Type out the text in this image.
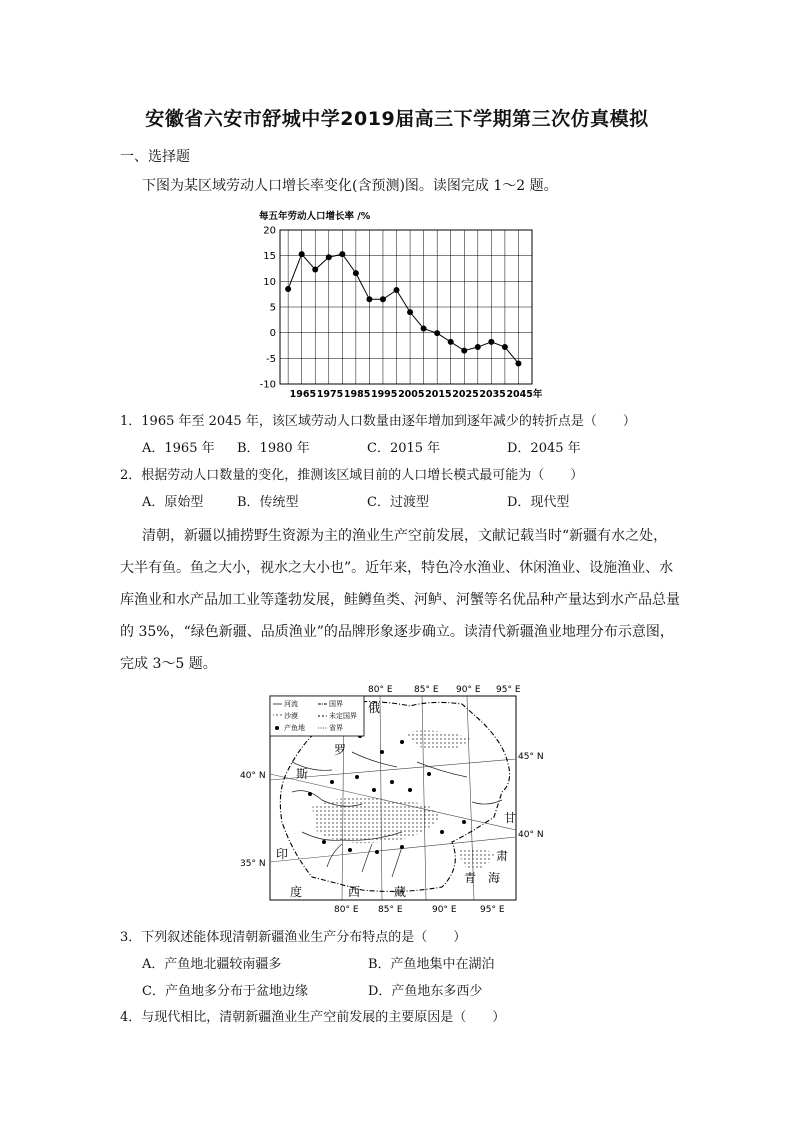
安徽省六安市舒城中学2019届高三下学期第三次仿真模拟
一、选择题
下图为某区域劳动人口增长率变化(含预测)图。读图完成 1～2 题。
每五年劳动人口增长率 /%
20
15
10
5
0
-5
-10
1965 1975 1985 1995 2005 2015 2025 2035 2045年
1．1965 年至 2045 年，该区域劳动人口数量由逐年增加到逐年减少的转折点是（　　）
A．1965 年	B．1980 年	C．2015 年	D．2045 年
2．根据劳动人口数量的变化，推测该区域目前的人口增长模式最可能为（　　）
A．原始型	B．传统型	C．过渡型	D．现代型
清朝，新疆以捕捞野生资源为主的渔业生产空前发展，文献记载当时“新疆有水之处，
大半有鱼。鱼之大小，视水之大小也”。近年来，特色冷水渔业、休闲渔业、设施渔业、水
库渔业和水产品加工业等蓬勃发展，鲑鳟鱼类、河鲈、河蟹等名优品种产量达到水产品总量
的 35%，“绿色新疆、品质渔业”的品牌形象逐步确立。读清代新疆渔业地理分布示意图，
完成 3～5 题。
河流	国界
沙漠	未定国界
产鱼地	省界
80° E 85° E 90° E 95° E
80° E 85° E	90° E	95° E
40° N
35° N
45° N
40° N
俄
罗
斯
印
度	西	藏
甘
肃
青 海
3．下列叙述能体现清朝新疆渔业生产分布特点的是（　　）
A．产鱼地北疆较南疆多	B．产鱼地集中在湖泊
C．产鱼地多分布于盆地边缘	D．产鱼地东多西少
4．与现代相比，清朝新疆渔业生产空前发展的主要原因是（　　）
